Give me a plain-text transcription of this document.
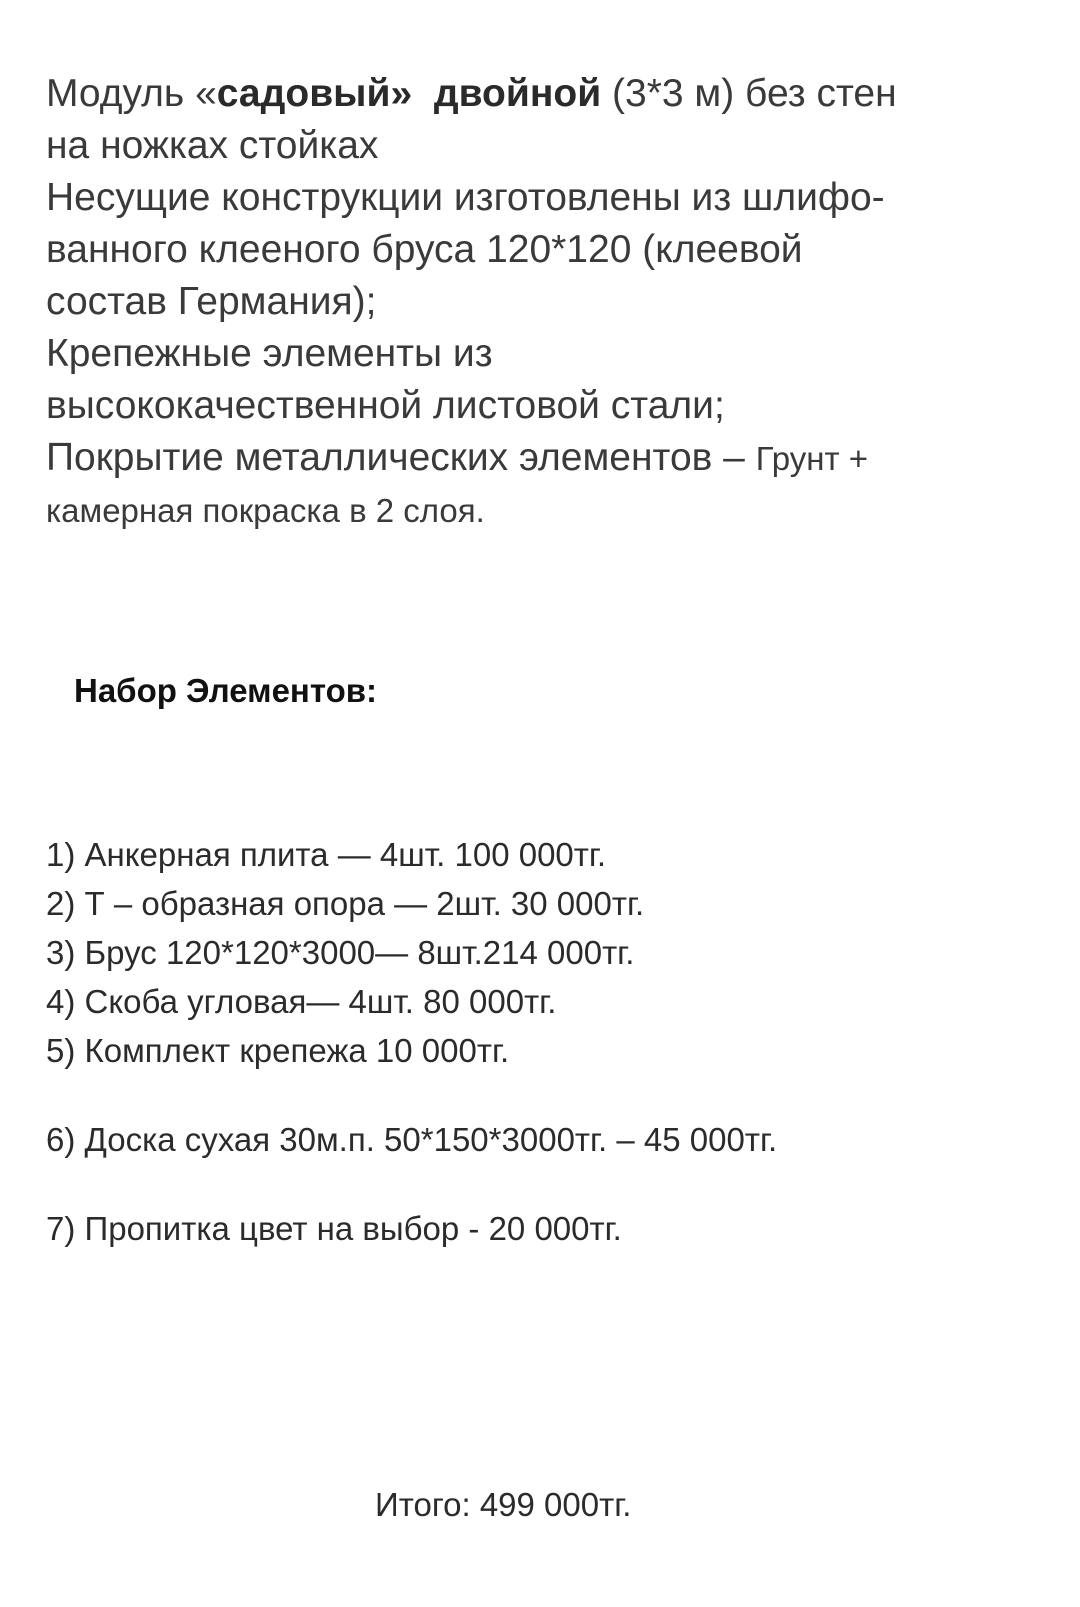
Модуль «садовый» двойной (3*3 м) без стен
на ножках стойках
Несущие конструкции изготовлены из шлифо-
ванного клееного бруса 120*120 (клеевой
состав Германия);
Крепежные элементы из
высококачественной листовой стали;
Покрытие металлических элементов – Грунт +
камерная покраска в 2 слоя.
Набор Элементов:
1) Анкерная плита — 4шт. 100 000тг.
2) Т – образная опора — 2шт. 30 000тг.
3) Брус 120*120*3000— 8шт.214 000тг.
4) Скоба угловая— 4шт. 80 000тг.
5) Комплект крепежа 10 000тг.
6) Доска сухая 30м.п. 50*150*3000тг. – 45 000тг.
7) Пропитка цвет на выбор - 20 000тг.
Итого: 499 000тг.
